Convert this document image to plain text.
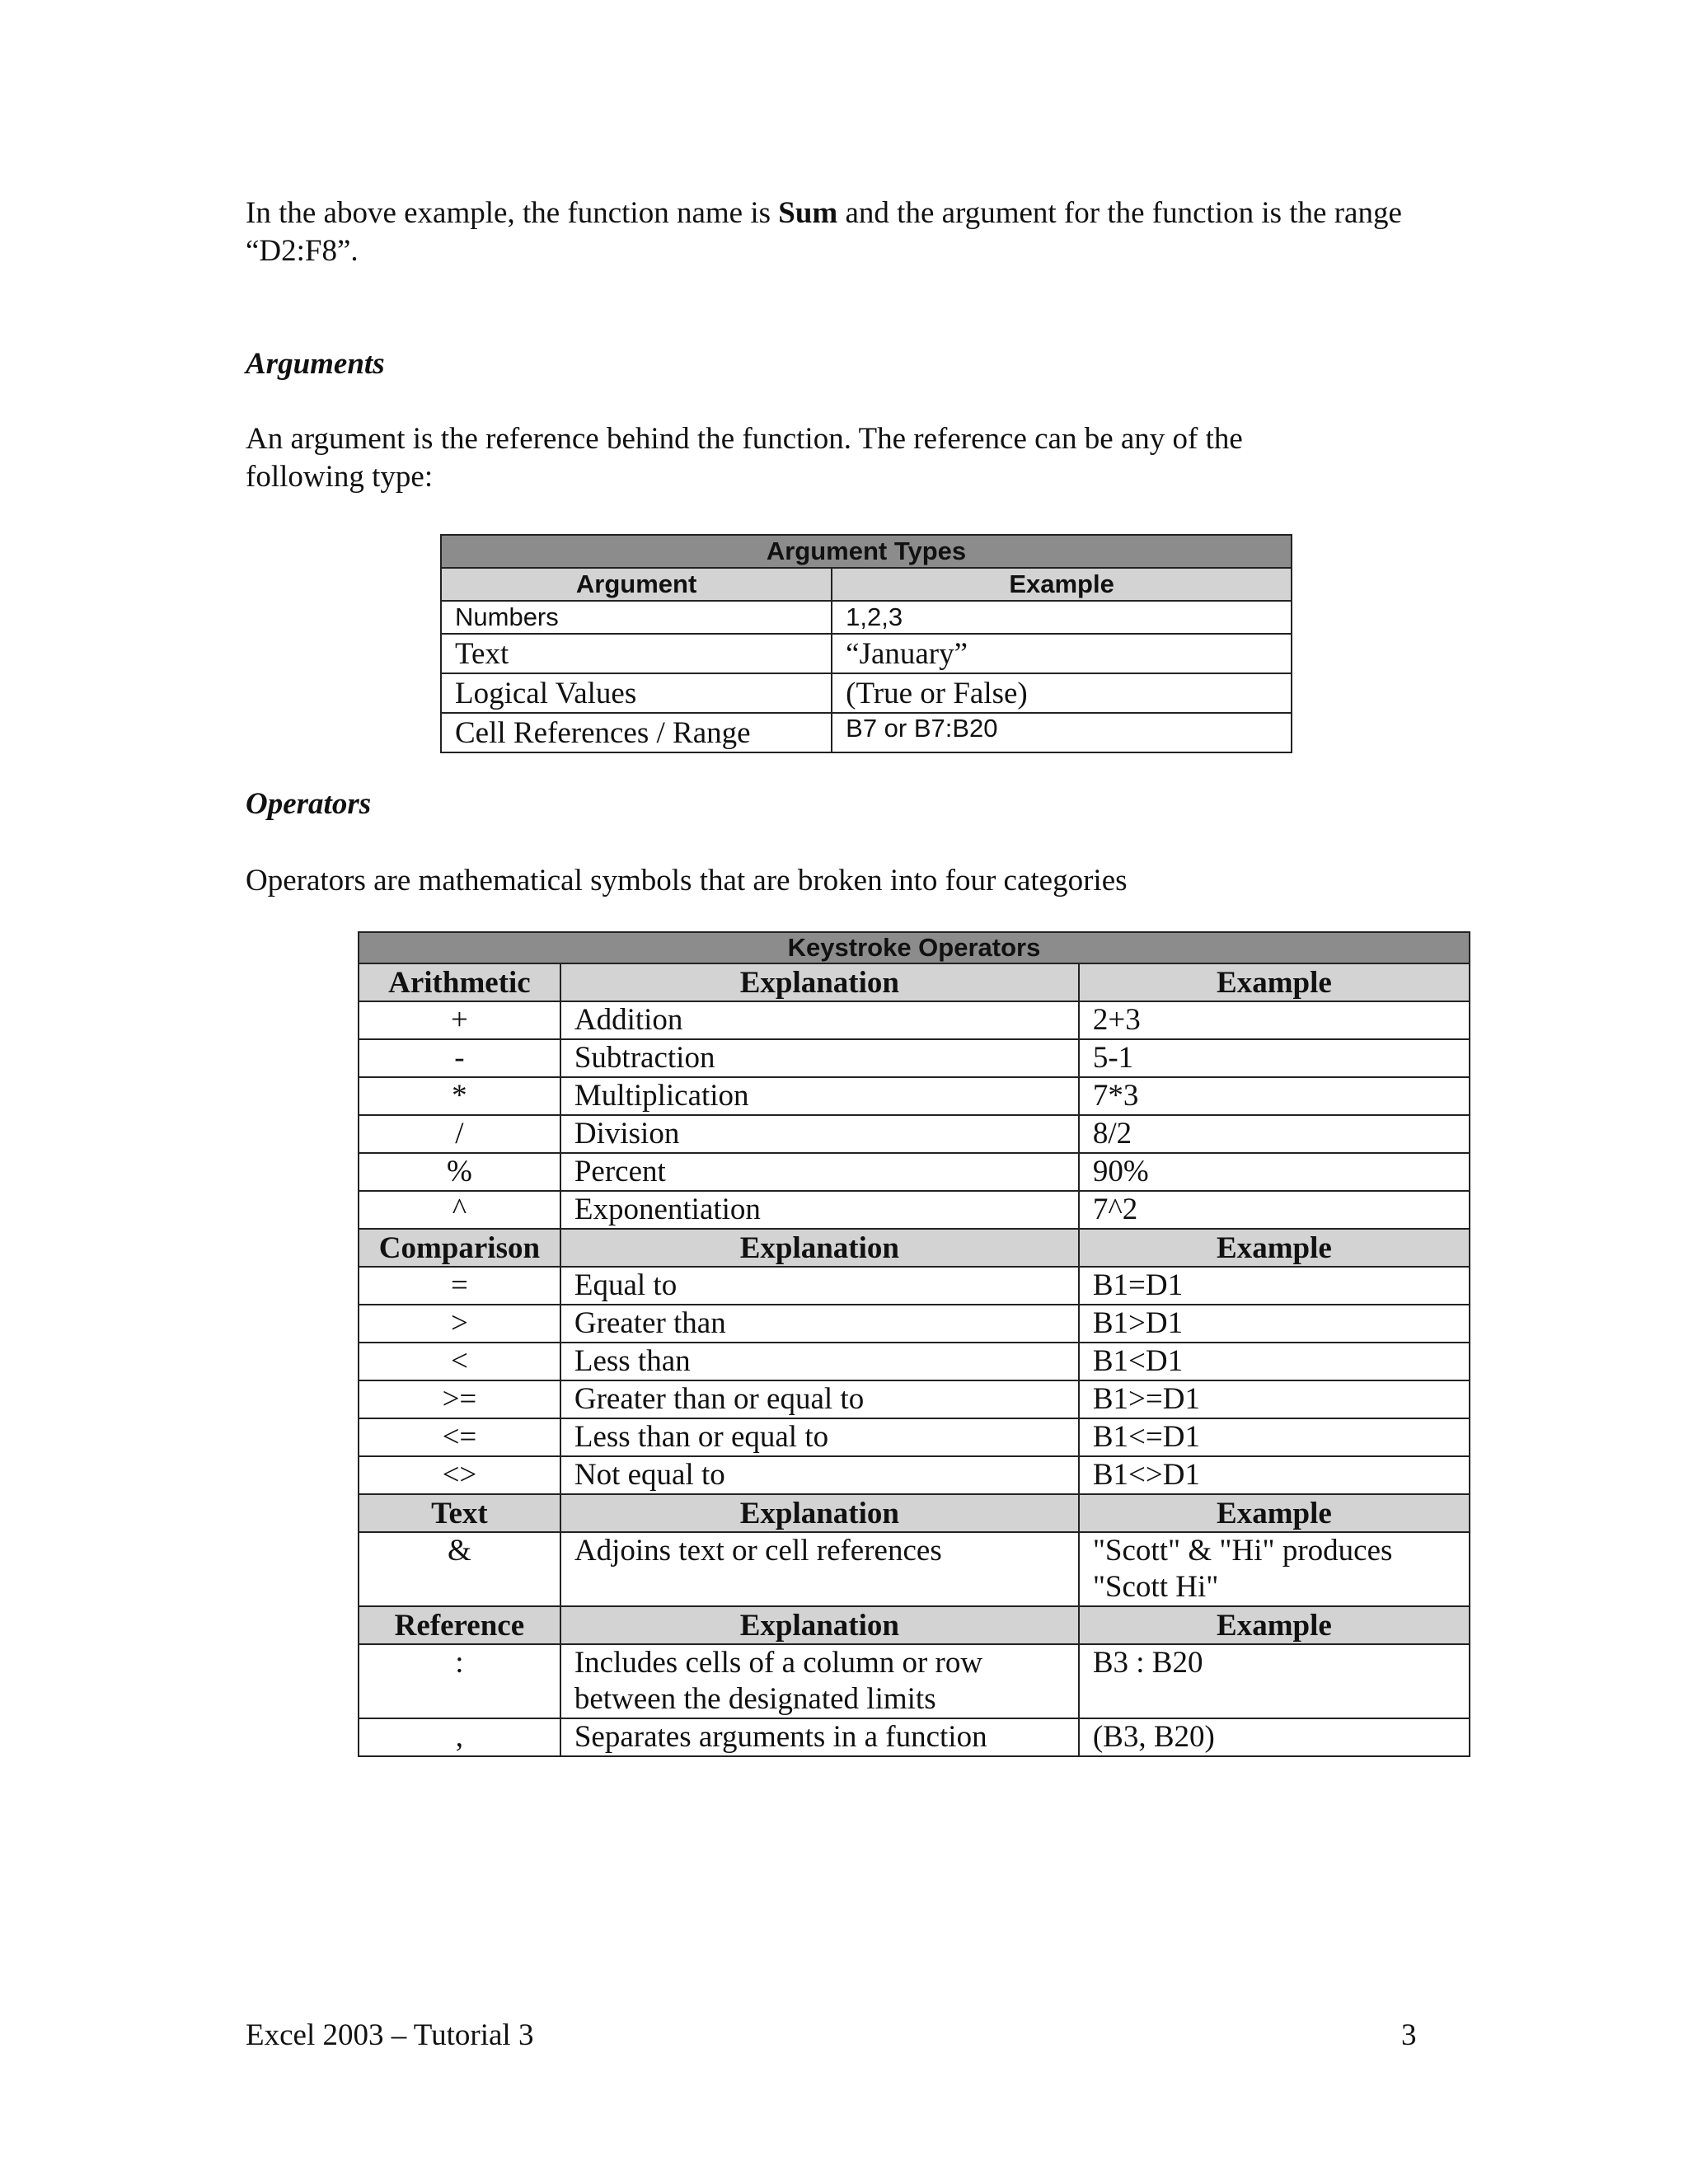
In the above example, the function name is Sum and the argument for the function is the range “D2:F8”.

Arguments

An argument is the reference behind the function. The reference can be any of the following type:

Argument Types	
Argument	Example
Numbers	1,2,3
Text	“January”
Logical Values	(True or False)
Cell References / Range	B7 or B7:B20

Operators

Operators are mathematical symbols that are broken into four categories

Keystroke Operators		
Arithmetic	Explanation	Example
+	Addition	2+3
-	Subtraction	5-1
*	Multiplication	7*3
/	Division	8/2
%	Percent	90%
^	Exponentiation	7^2
Comparison	Explanation	Example
=	Equal to	B1=D1
>	Greater than	B1>D1
<	Less than	B1<D1
>=	Greater than or equal to	B1>=D1
<=	Less than or equal to	B1<=D1
<>	Not equal to	B1<>D1
Text	Explanation	Example
&	Adjoins text or cell references	"Scott" & "Hi" produces "Scott Hi"
Reference	Explanation	Example
:	Includes cells of a column or row between the designated limits	B3 : B20
,	Separates arguments in a function	(B3, B20)

Excel 2003 – Tutorial 3	3
